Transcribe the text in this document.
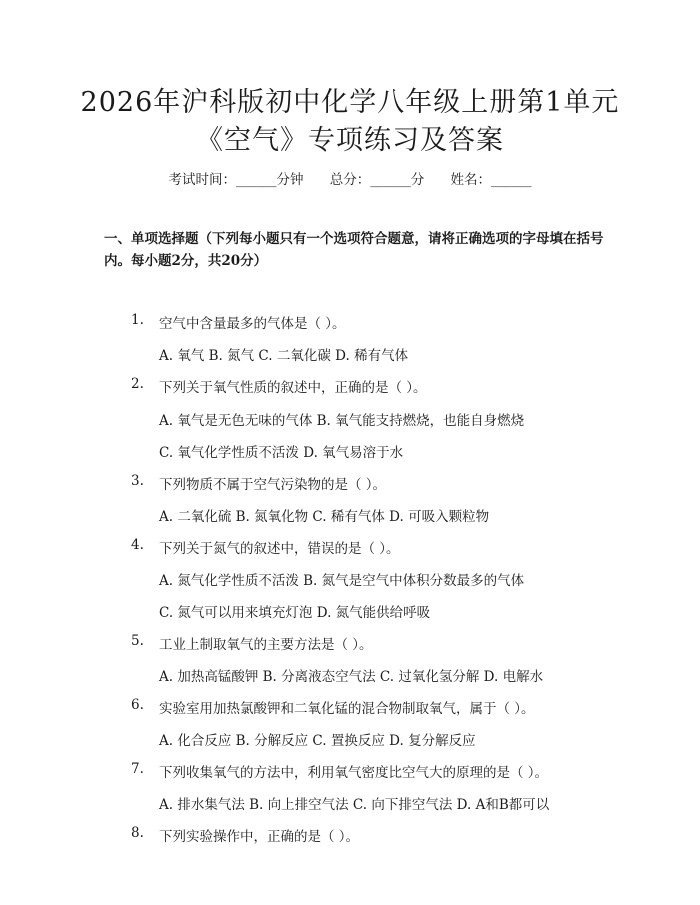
2026年沪科版初中化学八年级上册第1单元
《空气》专项练习及答案
考试时间：______分钟 总分：______分 姓名：______
一、单项选择题（下列每小题只有一个选项符合题意，请将正确选项的字母填在括号内。每小题2分，共20分）
1. 空气中含量最多的气体是（ ）。
A. 氧气 B. 氮气 C. 二氧化碳 D. 稀有气体
2. 下列关于氧气性质的叙述中，正确的是（ ）。
A. 氧气是无色无味的气体 B. 氧气能支持燃烧，也能自身燃烧
C. 氧气化学性质不活泼 D. 氧气易溶于水
3. 下列物质不属于空气污染物的是（ ）。
A. 二氧化硫 B. 氮氧化物 C. 稀有气体 D. 可吸入颗粒物
4. 下列关于氮气的叙述中，错误的是（ ）。
A. 氮气化学性质不活泼 B. 氮气是空气中体积分数最多的气体
C. 氮气可以用来填充灯泡 D. 氮气能供给呼吸
5. 工业上制取氧气的主要方法是（ ）。
A. 加热高锰酸钾 B. 分离液态空气法 C. 过氧化氢分解 D. 电解水
6. 实验室用加热氯酸钾和二氧化锰的混合物制取氧气，属于（ ）。
A. 化合反应 B. 分解反应 C. 置换反应 D. 复分解反应
7. 下列收集氧气的方法中，利用氧气密度比空气大的原理的是（ ）。
A. 排水集气法 B. 向上排空气法 C. 向下排空气法 D. A和B都可以
8. 下列实验操作中，正确的是（ ）。
